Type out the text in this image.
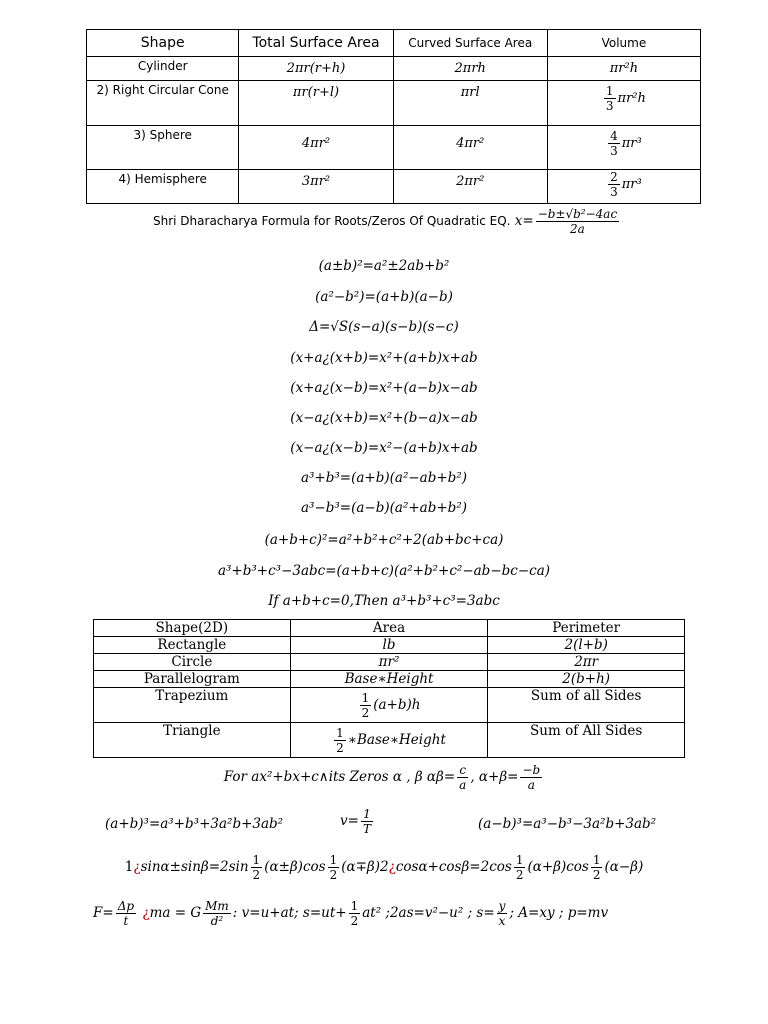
Shape	Total Surface Area	Curved Surface Area	Volume
Cylinder	2πr(r+h)	2πrh	πr²h
2) Right Circular Cone	πr(r+l)	πrl	$\frac{1}{3} \pi r^2h$
3) Sphere	4πr²	4πr²	$\frac{4}{3} \pi r^3$
4) Hemisphere	3πr²	2πr²	$\frac{2}{3} \pi r^3$
Shri Dharacharya Formula for Roots/Zeros Of Quadratic EQ. $x= \frac{\text{−b±√b²−4ac}}{2a}$
(a±b)²=a²±2ab+b²
(a²−b²)=(a+b)(a−b)
Δ=√S(s−a)(s−b)(s−c)
(x+a¿(x+b)=x²+(a+b)x+ab
(x+a¿(x−b)=x²+(a−b)x−ab
(x−a¿(x+b)=x²+(b−a)x−ab
(x−a¿(x−b)=x²−(a+b)x+ab
a³+b³=(a+b)(a²−ab+b²)
a³−b³=(a−b)(a²+ab+b²)
(a+b+c)²=a²+b²+c²+2(ab+bc+ca)
a³+b³+c³−3abc=(a+b+c)(a²+b²+c²−ab−bc−ca)
If a+b+c=0,Then a³+b³+c³=3abc
Shape(2D)	Area	Perimeter
Rectangle	lb	2(l+b)
Circle	πr²	2πr
Parallelogram	Base∗Height	2(b+h)
Trapezium	$\frac{1}{2} (a+b)h$	Sum of all Sides
Triangle	$\frac{1}{2}$ ∗Base∗Height	Sum of All Sides
For ax²+bx+c∧its Zeros α , β $\alpha\beta= \frac{c}{a}$ , $\alpha+\beta= \frac{-b}{a}$
(a+b)³=a³+b³+3a²b+3ab²	$v= \frac{1}{T}$	(a−b)³=a³−b³−3a²b+3ab²
1¿sinα±sinβ=2sin $\frac{1}{2} (\alpha\pm\beta)\cos \frac{1}{2}$ (α∓β)2¿cosα+cosβ=2cos $\frac{1}{2} (\alpha+\beta)\cos \frac{1}{2} (\alpha-\beta)$
$F= \frac{\Delta p}{t}$ ¿ma = G $\frac{Mm}{\text{d²}}$ : v=u+at; $s=ut+ \frac{1}{2} at^2$ ;2as=v²−u² ; $s= \frac{y}{x}$ ; A=xy ; p=mv
